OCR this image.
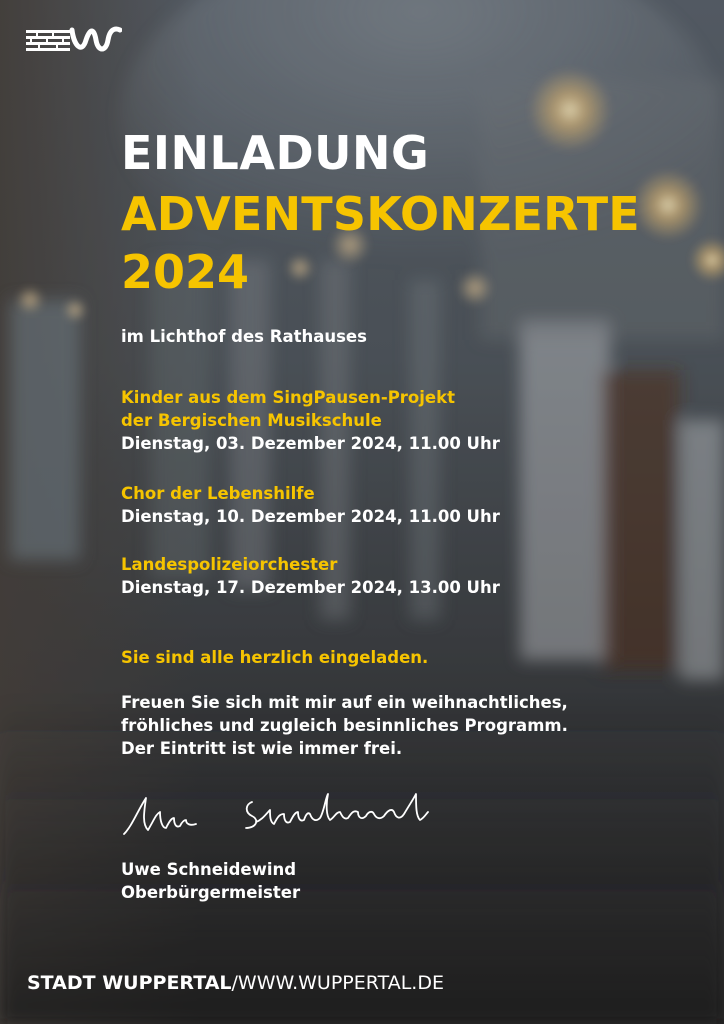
EINLADUNG
ADVENTSKONZERTE
2024
im Lichthof des Rathauses
Kinder aus dem SingPausen-Projekt
der Bergischen Musikschule
Dienstag, 03. Dezember 2024, 11.00 Uhr
Chor der Lebenshilfe
Dienstag, 10. Dezember 2024, 11.00 Uhr
Landespolizeiorchester
Dienstag, 17. Dezember 2024, 13.00 Uhr
Sie sind alle herzlich eingeladen.
Freuen Sie sich mit mir auf ein weihnachtliches,
fröhliches und zugleich besinnliches Programm.
Der Eintritt ist wie immer frei.
Uwe Schneidewind
Oberbürgermeister
STADT WUPPERTAL/WWW.WUPPERTAL.DE
